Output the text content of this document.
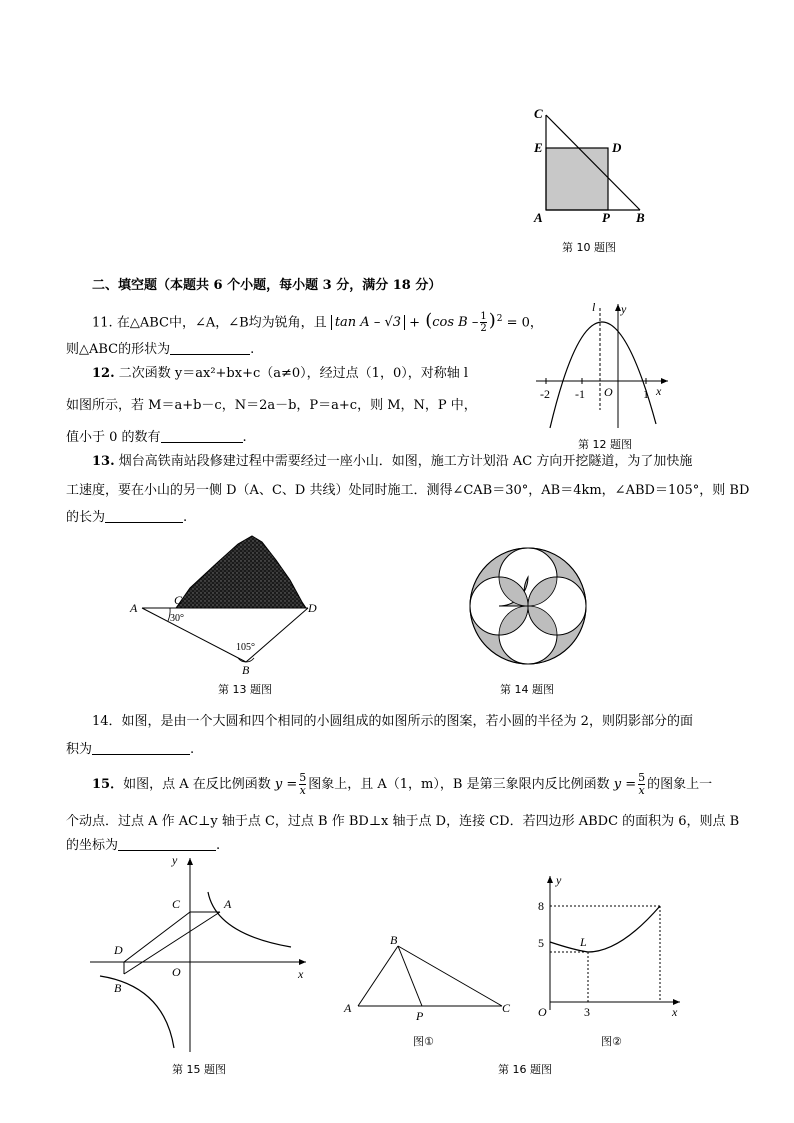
C
E	D
A	P B
第 10 题图
二、填空题（本题共 6 个小题，每小题 3 分，满分 18 分）
11. 在△ABC中，∠A，∠B均为锐角，且 tan A – √3 + (cos $B - \frac{1}{2} )^2 = 0$，
则△ABC的形状为	.
12. 二次函数 y＝ax²+bx+c（a≠0），经过点（1，0），对称轴 l
如图所示，若 M＝a+b－c，N＝2a－b，P＝a+c，则 M，N，P 中，
值小于 0 的数有	.
l y
x
O
-2 -1	1
第 12 题图
13. 烟台高铁南站段修建过程中需要经过一座小山．如图，施工方计划沿 AC 方向开挖隧道，为了加快施
工速度，要在小山的另一侧 D（A、C、D 共线）处同时施工．测得∠CAB＝30°，AB＝4km，∠ABD＝105°，则 BD
的长为	.
A
C
D
B
30°
105°
第 13 题图	第 14 题图
14．如图，是由一个大圆和四个相同的小圆组成的如图所示的图案，若小圆的半径为 2，则阴影部分的面
积为	.
15．如图，点 A 在反比例函数 $y = \frac{5}{x}$ 图象上，且 A（1，m），B 是第三象限内反比例函数 $y = \frac{5}{x}$ 的图象上一
个动点．过点 A 作 AC⊥y 轴于点 C，过点 B 作 BD⊥x 轴于点 D，连接 CD．若四边形 ABDC 的面积为 6，则点 B
的坐标为	.
y
C	A
D
O	x
B
第 15 题图
B
A
P
C
图①
y
8
5	L
O	3	x
图②
第 16 题图
